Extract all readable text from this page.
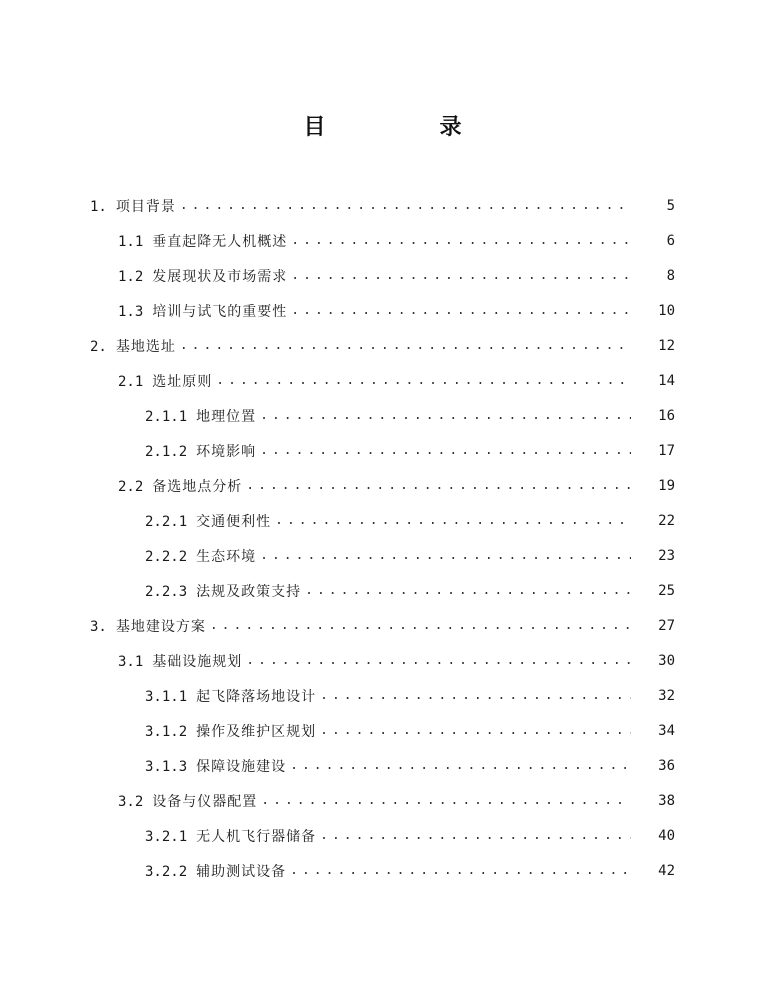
目　录
1. 项目背景 .....	5
1.1 垂直起降无人机概述 .....	6
1.2 发展现状及市场需求 .....	8
1.3 培训与试飞的重要性 .....	10
2. 基地选址 .....	12
2.1 选址原则 .....	14
2.1.1 地理位置 .....	16
2.1.2 环境影响 .....	17
2.2 备选地点分析 .....	19
2.2.1 交通便利性 .....	22
2.2.2 生态环境 .....	23
2.2.3 法规及政策支持 .....	25
3. 基地建设方案 .....	27
3.1 基础设施规划 .....	30
3.1.1 起飞降落场地设计 .....	32
3.1.2 操作及维护区规划 .....	34
3.1.3 保障设施建设 .....	36
3.2 设备与仪器配置 .....	38
3.2.1 无人机飞行器储备 .....	40
3.2.2 辅助测试设备 .....	42
